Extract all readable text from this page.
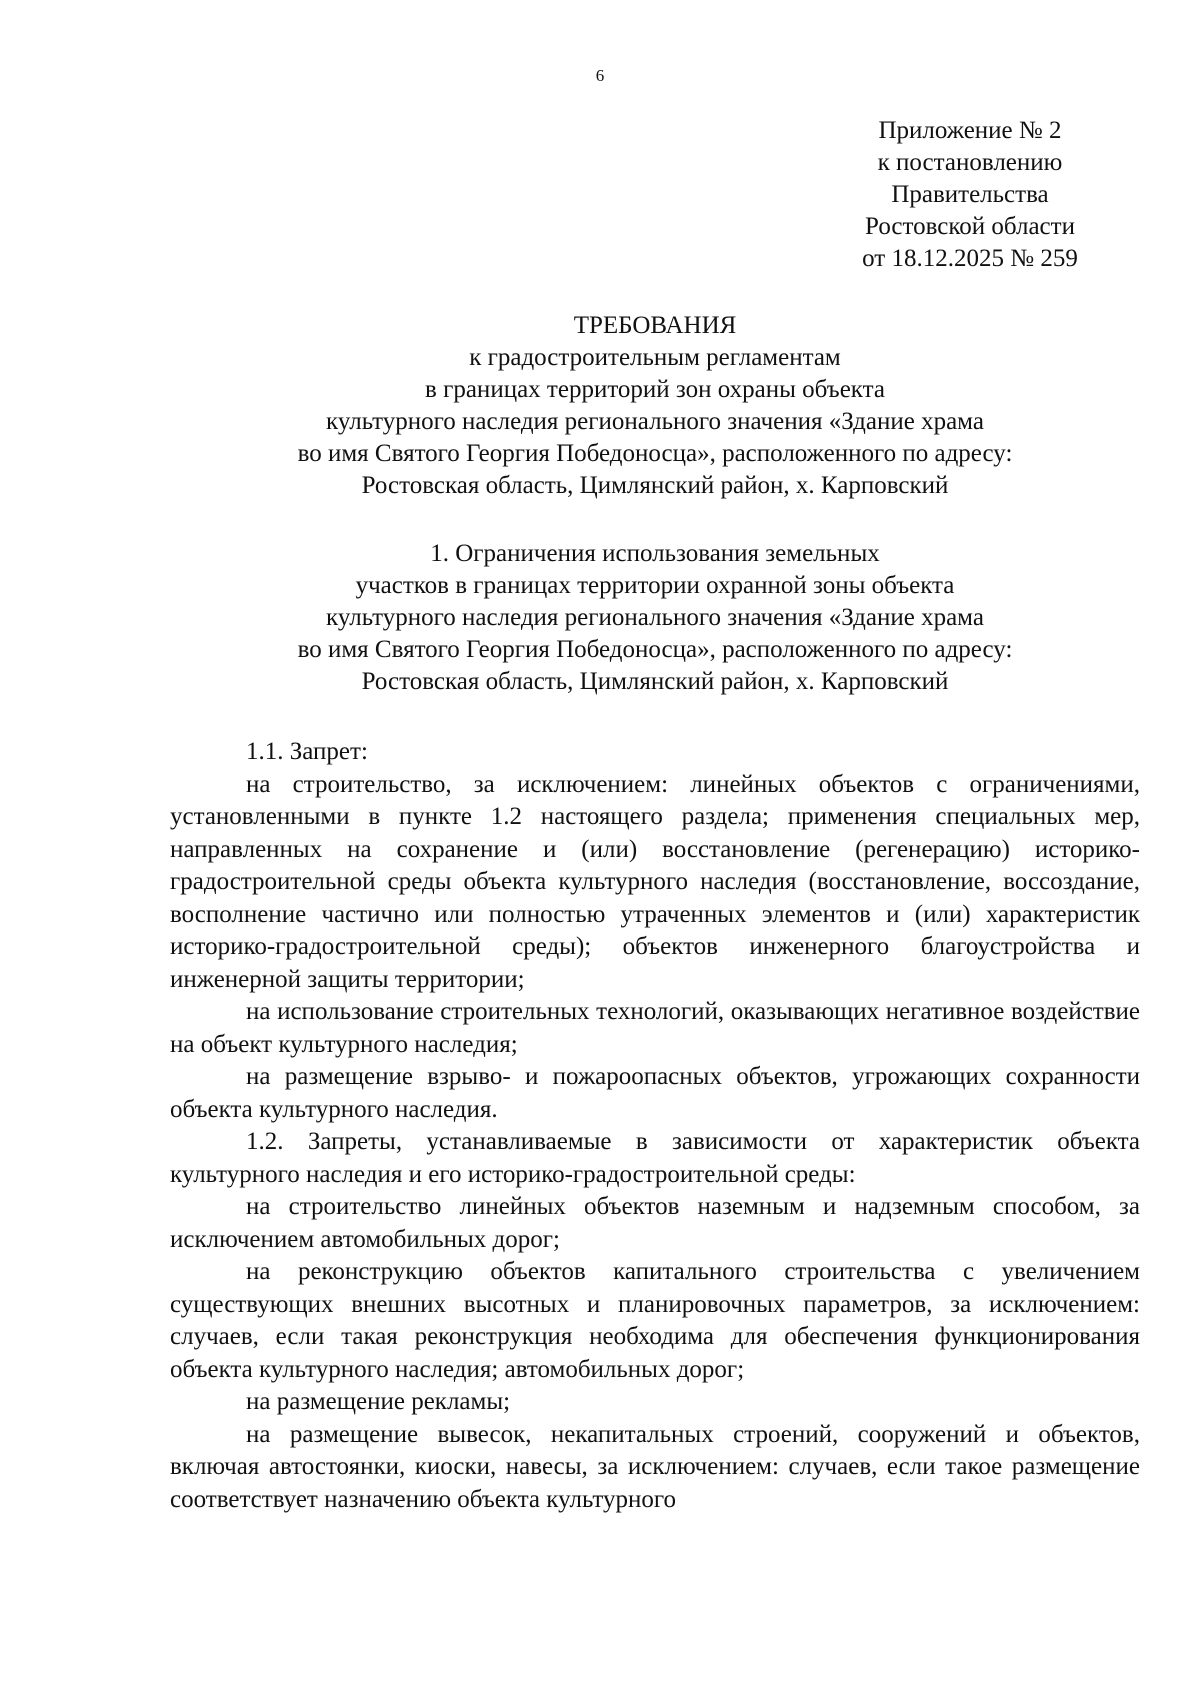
6
Приложение № 2
к постановлению
Правительства
Ростовской области
от 18.12.2025 № 259
ТРЕБОВАНИЯ
к градостроительным регламентам
в границах территорий зон охраны объекта
культурного наследия регионального значения «Здание храма
во имя Святого Георгия Победоносца», расположенного по адресу:
Ростовская область, Цимлянский район, х. Карповский
1. Ограничения использования земельных
участков в границах территории охранной зоны объекта
культурного наследия регионального значения «Здание храма
во имя Святого Георгия Победоносца», расположенного по адресу:
Ростовская область, Цимлянский район, х. Карповский

1.1. Запрет:

на строительство, за исключением: линейных объектов с ограничениями, установленными в пункте 1.2 настоящего раздела; применения специальных мер, направленных на сохранение и (или) восстановление (регенерацию) историко-градостроительной среды объекта культурного наследия (восстановление, воссоздание, восполнение частично или полностью утраченных элементов и (или) характеристик историко-градостроительной среды); объектов инженерного благоустройства и инженерной защиты территории;

на использование строительных технологий, оказывающих негативное воздействие на объект культурного наследия;

на размещение взрыво- и пожароопасных объектов, угрожающих сохранности объекта культурного наследия.

1.2. Запреты, устанавливаемые в зависимости от характеристик объекта культурного наследия и его историко-градостроительной среды:

на строительство линейных объектов наземным и надземным способом, за исключением автомобильных дорог;

на реконструкцию объектов капитального строительства с увеличением существующих внешних высотных и планировочных параметров, за исключением: случаев, если такая реконструкция необходима для обеспечения функционирования объекта культурного наследия; автомобильных дорог;

на размещение рекламы;

на размещение вывесок, некапитальных строений, сооружений и объектов, включая автостоянки, киоски, навесы, за исключением: случаев, если такое размещение соответствует назначению объекта культурного
